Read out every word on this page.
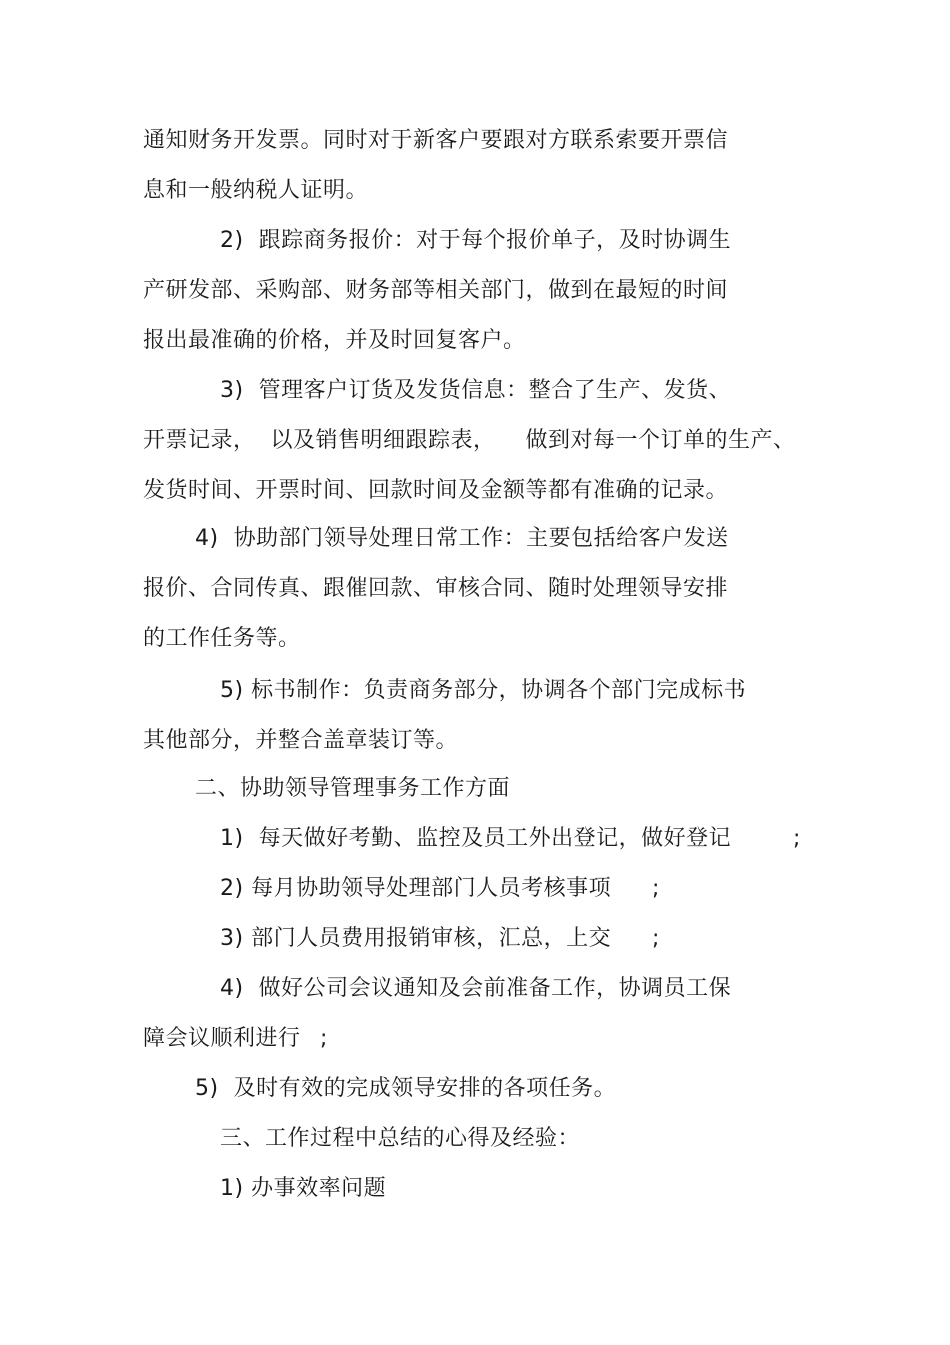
通知财务开发票。同时对于新客户要跟对方联系索要开票信
息和一般纳税人证明。
2)  跟踪商务报价：对于每个报价单子，及时协调生
产研发部、采购部、财务部等相关部门，做到在最短的时间
报出最准确的价格，并及时回复客户。
3)  管理客户订货及发货信息：整合了生产、发货、
开票记录，  以及销售明细跟踪表，    做到对每一个订单的生产、
发货时间、开票时间、回款时间及金额等都有准确的记录。
4)  协助部门领导处理日常工作：主要包括给客户发送
报价、合同传真、跟催回款、审核合同、随时处理领导安排
的工作任务等。
5) 标书制作：负责商务部分，协调各个部门完成标书
其他部分，并整合盖章装订等。
二、协助领导管理事务工作方面
1)  每天做好考勤、监控及员工外出登记，做好登记	;
2) 每月协助领导处理部门人员考核事项 ;
3) 部门人员费用报销审核，汇总，上交 ;
4)  做好公司会议通知及会前准备工作，协调员工保
障会议顺利进行 ;
5)  及时有效的完成领导安排的各项任务。
三、工作过程中总结的心得及经验：
1) 办事效率问题
